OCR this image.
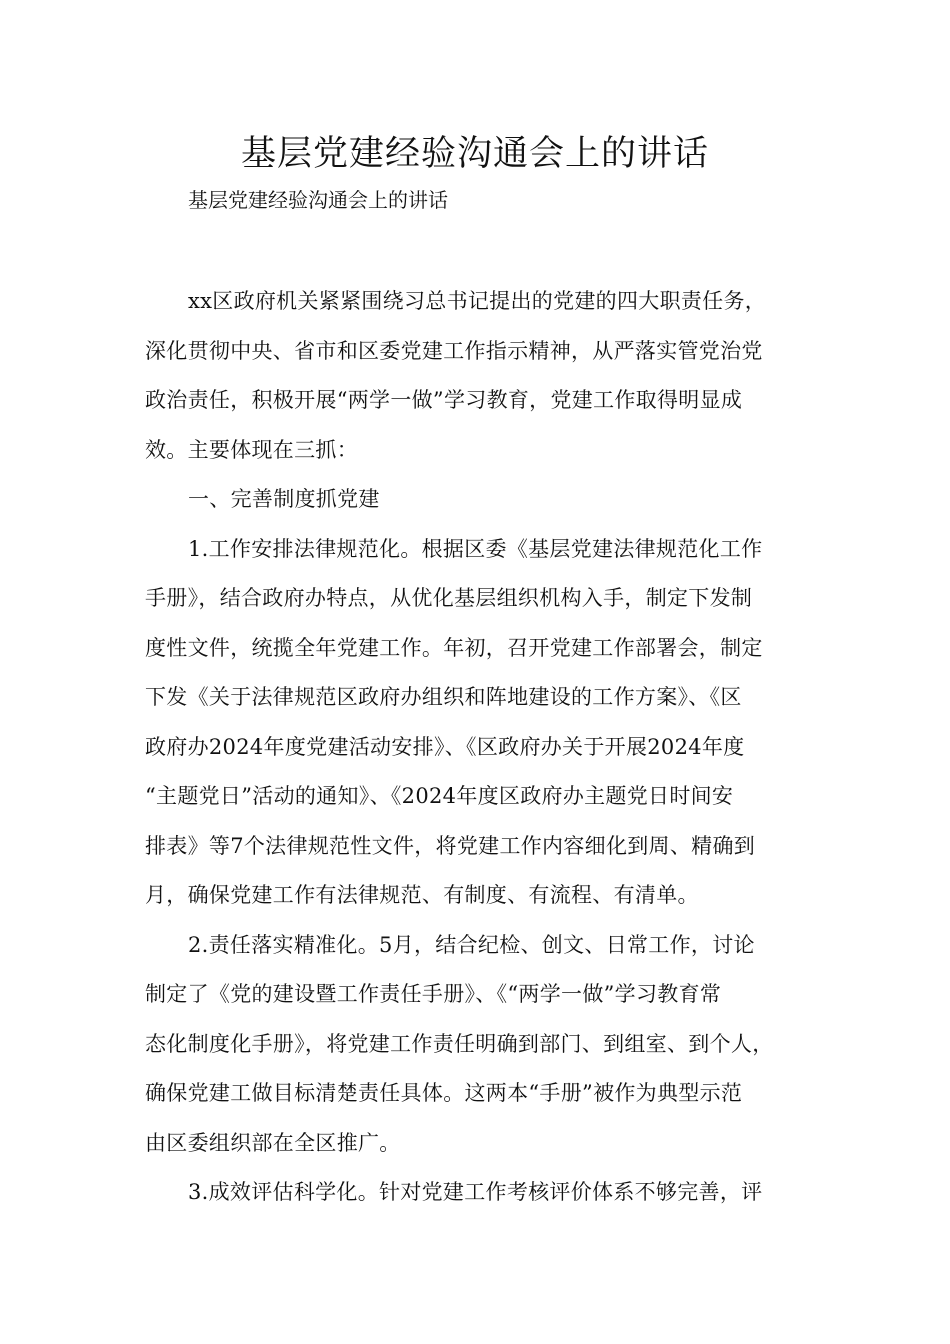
基层党建经验沟通会上的讲话

基层党建经验沟通会上的讲话

xx区政府机关紧紧围绕习总书记提出的党建的四大职责任务，

深化贯彻中央、省市和区委党建工作指示精神，从严落实管党治党

政治责任，积极开展“两学一做”学习教育，党建工作取得明显成

效。主要体现在三抓：

一、完善制度抓党建

1.工作安排法律规范化。根据区委《基层党建法律规范化工作

手册》，结合政府办特点，从优化基层组织机构入手，制定下发制

度性文件，统揽全年党建工作。年初，召开党建工作部署会，制定

下发《关于法律规范区政府办组织和阵地建设的工作方案》、《区

政府办2024年度党建活动安排》、《区政府办关于开展2024年度

“主题党日”活动的通知》、《2024年度区政府办主题党日时间安

排表》等7个法律规范性文件，将党建工作内容细化到周、精确到

月，确保党建工作有法律规范、有制度、有流程、有清单。

2.责任落实精准化。5月，结合纪检、创文、日常工作，讨论

制定了《党的建设暨工作责任手册》、《“两学一做”学习教育常

态化制度化手册》，将党建工作责任明确到部门、到组室、到个人，

确保党建工做目标清楚责任具体。这两本“手册”被作为典型示范

由区委组织部在全区推广。

3.成效评估科学化。针对党建工作考核评价体系不够完善，评
